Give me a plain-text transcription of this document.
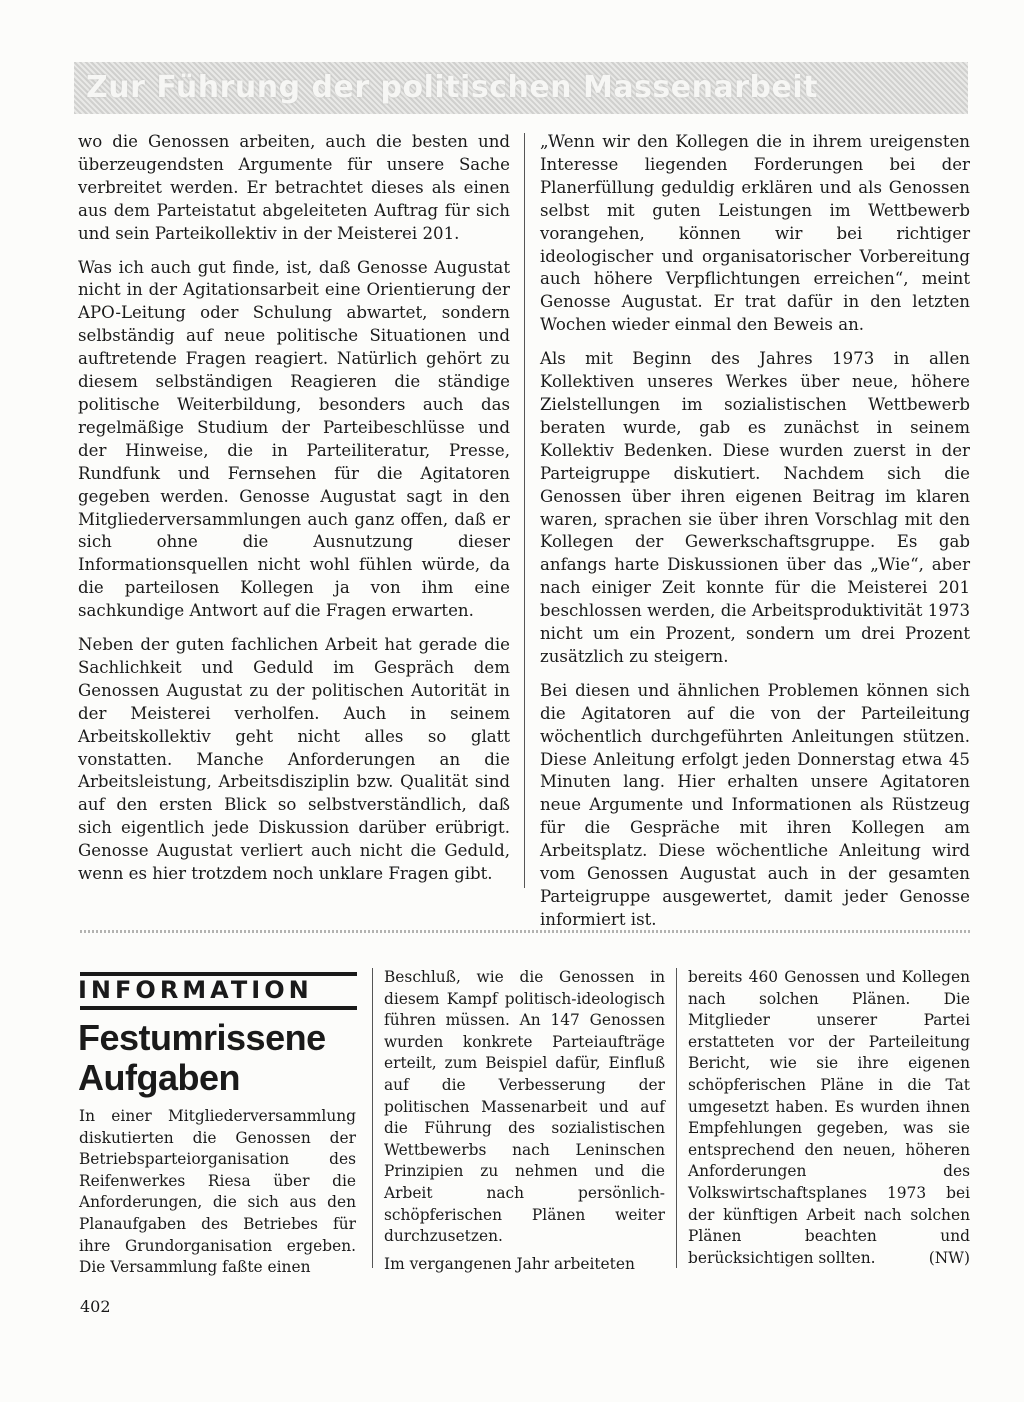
Zur Führung der politischen Massenarbeit

wo die Genossen arbeiten, auch die besten und überzeugendsten Argumente für unsere Sache verbreitet werden. Er betrachtet dieses als einen aus dem Parteistatut abgeleiteten Auftrag für sich und sein Parteikollektiv in der Meisterei 201.

Was ich auch gut finde, ist, daß Genosse Augustat nicht in der Agitationsarbeit eine Orientierung der APO-Leitung oder Schulung abwartet, sondern selbständig auf neue politische Situationen und auftretende Fragen reagiert. Natürlich gehört zu diesem selbständigen Reagieren die ständige politische Weiterbildung, besonders auch das regelmäßige Studium der Parteibeschlüsse und der Hinweise, die in Parteiliteratur, Presse, Rundfunk und Fernsehen für die Agitatoren gegeben werden. Genosse Augustat sagt in den Mitgliederversammlungen auch ganz offen, daß er sich ohne die Ausnutzung dieser Informationsquellen nicht wohl fühlen würde, da die parteilosen Kollegen ja von ihm eine sachkundige Antwort auf die Fragen erwarten.

Neben der guten fachlichen Arbeit hat gerade die Sachlichkeit und Geduld im Gespräch dem Genossen Augustat zu der politischen Autorität in der Meisterei verholfen. Auch in seinem Arbeitskollektiv geht nicht alles so glatt vonstatten. Manche Anforderungen an die Arbeitsleistung, Arbeitsdisziplin bzw. Qualität sind auf den ersten Blick so selbstverständlich, daß sich eigentlich jede Diskussion darüber erübrigt. Genosse Augustat verliert auch nicht die Geduld, wenn es hier trotzdem noch unklare Fragen gibt.

„Wenn wir den Kollegen die in ihrem ureigensten Interesse liegenden Forderungen bei der Planerfüllung geduldig erklären und als Genossen selbst mit guten Leistungen im Wettbewerb vorangehen, können wir bei richtiger ideologischer und organisatorischer Vorbereitung auch höhere Verpflichtungen erreichen“, meint Genosse Augustat. Er trat dafür in den letzten Wochen wieder einmal den Beweis an.

Als mit Beginn des Jahres 1973 in allen Kollektiven unseres Werkes über neue, höhere Zielstellungen im sozialistischen Wettbewerb beraten wurde, gab es zunächst in seinem Kollektiv Bedenken. Diese wurden zuerst in der Parteigruppe diskutiert. Nachdem sich die Genossen über ihren eigenen Beitrag im klaren waren, sprachen sie über ihren Vorschlag mit den Kollegen der Gewerkschaftsgruppe. Es gab anfangs harte Diskussionen über das „Wie“, aber nach einiger Zeit konnte für die Meisterei 201 beschlossen werden, die Arbeitsproduktivität 1973 nicht um ein Prozent, sondern um drei Prozent zusätzlich zu steigern.

Bei diesen und ähnlichen Problemen können sich die Agitatoren auf die von der Parteileitung wöchentlich durchgeführten Anleitungen stützen. Diese Anleitung erfolgt jeden Donnerstag etwa 45 Minuten lang. Hier erhalten unsere Agitatoren neue Argumente und Informationen als Rüstzeug für die Gespräche mit ihren Kollegen am Arbeitsplatz. Diese wöchentliche Anleitung wird vom Genossen Augustat auch in der gesamten Parteigruppe ausgewertet, damit jeder Genosse informiert ist.

INFORMATION
Festumrissene Aufgaben

In einer Mitgliederversammlung diskutierten die Genossen der Betriebsparteiorganisation des Reifenwerkes Riesa über die Anforderungen, die sich aus den Planaufgaben des Betriebes für ihre Grundorganisation ergeben. Die Versammlung faßte einen

Beschluß, wie die Genossen in diesem Kampf politisch-ideologisch führen müssen. An 147 Genossen wurden konkrete Parteiaufträge erteilt, zum Beispiel dafür, Einfluß auf die Verbesserung der politischen Massenarbeit und auf die Führung des sozialistischen Wettbewerbs nach Leninschen Prinzipien zu nehmen und die Arbeit nach persönlich-schöpferischen Plänen weiter durchzusetzen.
Im vergangenen Jahr arbeiteten
bereits 460 Genossen und Kollegen nach solchen Plänen. Die Mitglieder unserer Partei erstatteten vor der Parteileitung Bericht, wie sie ihre eigenen schöpferischen Pläne in die Tat umgesetzt haben. Es wurden ihnen Empfehlungen gegeben, was sie entsprechend den neuen, höheren Anforderungen des Volkswirtschaftsplanes 1973 bei der künftigen Arbeit nach solchen Plänen beachten und berücksichtigen sollten.	(NW)
402
